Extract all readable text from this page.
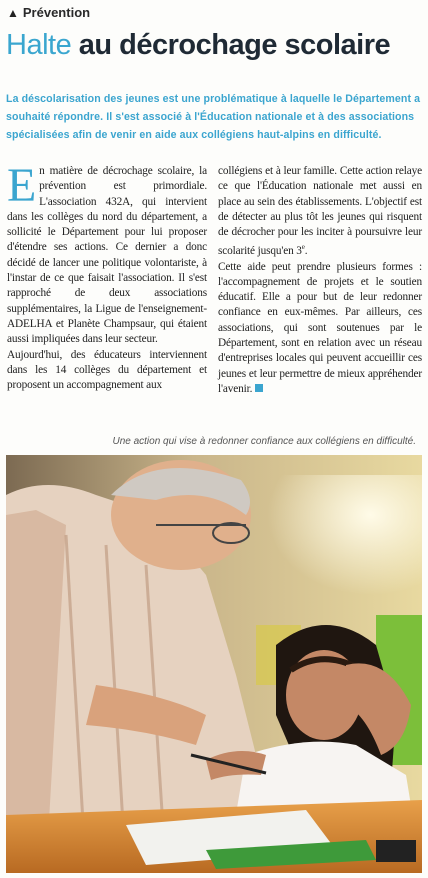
▲ Prévention
Halte au décrochage scolaire
La déscolarisation des jeunes est une problématique à laquelle le Département a souhaité répondre. Il s'est associé à l'Éducation nationale et à des associations spécialisées afin de venir en aide aux collégiens haut-alpins en difficulté.

En matière de décrochage scolaire, la prévention est primordiale. L'association 432A, qui intervient dans les collèges du nord du département, a sollicité le Département pour lui proposer d'étendre ses actions. Ce dernier a donc décidé de lancer une politique volontariste, à l'instar de ce que faisait l'association. Il s'est rapproché de deux associations supplémentaires, la Ligue de l'enseignement-ADELHA et Planète Champsaur, qui étaient aussi impliquées dans leur secteur.

Aujourd'hui, des éducateurs interviennent dans les 14 collèges du département et proposent un accompagnement aux

collégiens et à leur famille. Cette action relaye ce que l'Éducation nationale met aussi en place au sein des établissements. L'objectif est de détecter au plus tôt les jeunes qui risquent de décrocher pour les inciter à poursuivre leur scolarité jusqu'en 3e.

Cette aide peut prendre plusieurs formes : l'accompagnement de projets et le soutien éducatif. Elle a pour but de leur redonner confiance en eux-mêmes. Par ailleurs, ces associations, qui sont soutenues par le Département, sont en relation avec un réseau d'entreprises locales qui peuvent accueillir ces jeunes et leur permettre de mieux appréhender l'avenir.

Une action qui vise à redonner confiance aux collégiens en difficulté.
